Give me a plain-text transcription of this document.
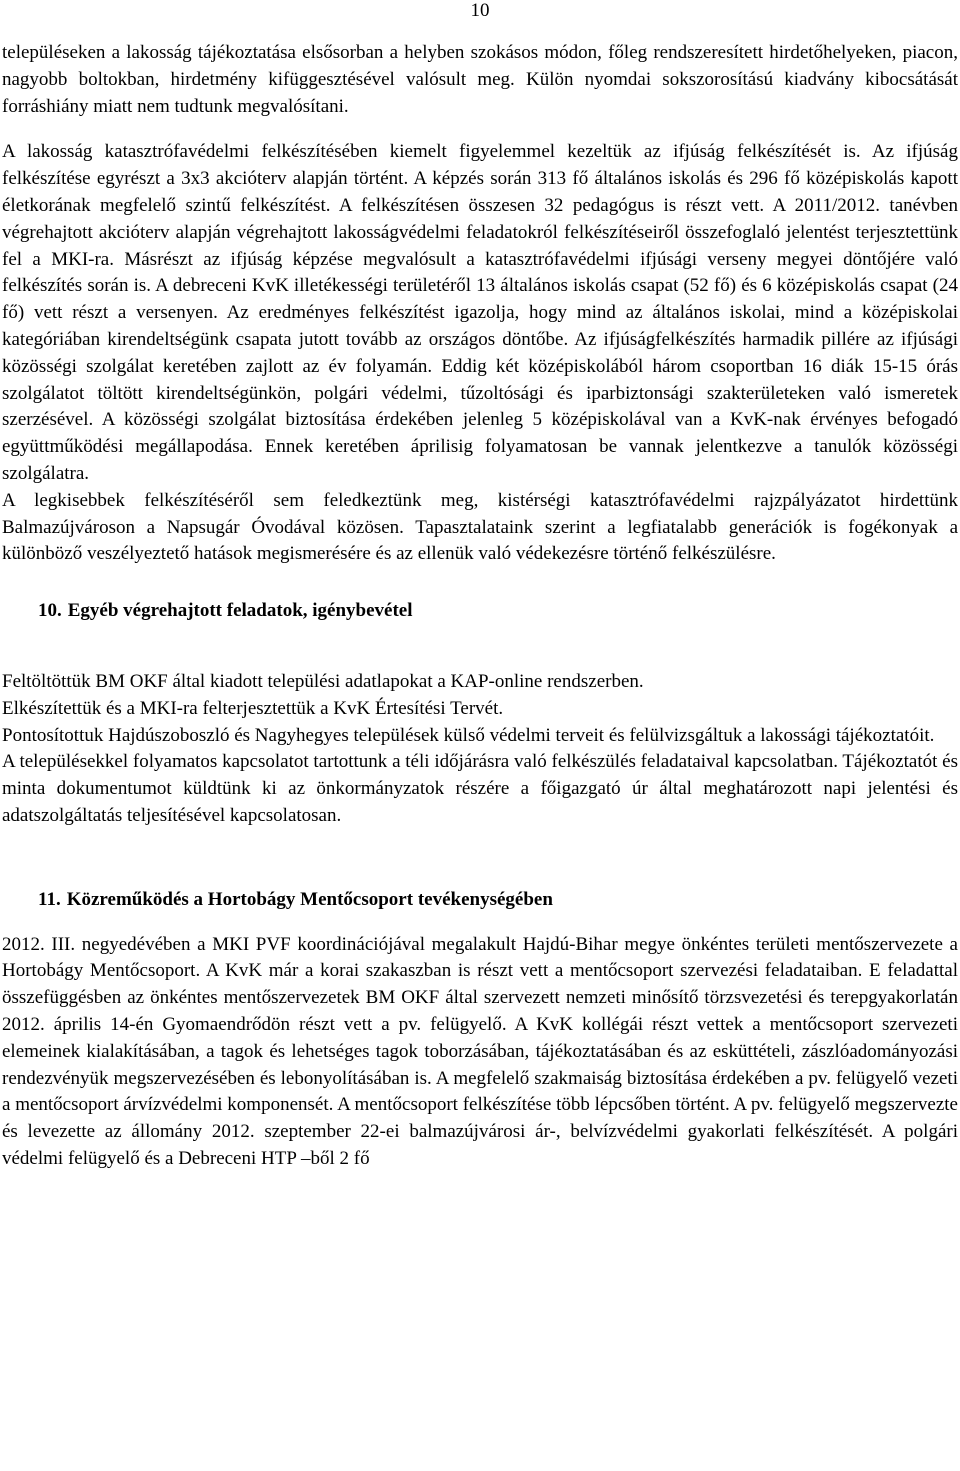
10

településeken a lakosság tájékoztatása elsősorban a helyben szokásos módon, főleg rendszeresített hirdetőhelyeken, piacon, nagyobb boltokban, hirdetmény kifüggesztésével valósult meg. Külön nyomdai sokszorosítású kiadvány kibocsátását forráshiány miatt nem tudtunk megvalósítani.

A lakosság katasztrófavédelmi felkészítésében kiemelt figyelemmel kezeltük az ifjúság felkészítését is. Az ifjúság felkészítése egyrészt a 3x3 akcióterv alapján történt. A képzés során 313 fő általános iskolás és 296 fő középiskolás kapott életkorának megfelelő szintű felkészítést. A felkészítésen összesen 32 pedagógus is részt vett. A 2011/2012. tanévben végrehajtott akcióterv alapján végrehajtott lakosságvédelmi feladatokról felkészítéseiről összefoglaló jelentést terjesztettünk fel a MKI-ra. Másrészt az ifjúság képzése megvalósult a katasztrófavédelmi ifjúsági verseny megyei döntőjére való felkészítés során is. A debreceni KvK illetékességi területéről 13 általános iskolás csapat (52 fő) és 6 középiskolás csapat (24 fő) vett részt a versenyen. Az eredményes felkészítést igazolja, hogy mind az általános iskolai, mind a középiskolai kategóriában kirendeltségünk csapata jutott tovább az országos döntőbe. Az ifjúságfelkészítés harmadik pillére az ifjúsági közösségi szolgálat keretében zajlott az év folyamán. Eddig két középiskolából három csoportban 16 diák 15-15 órás szolgálatot töltött kirendeltségünkön, polgári védelmi, tűzoltósági és iparbiztonsági szakterületeken való ismeretek szerzésével. A közösségi szolgálat biztosítása érdekében jelenleg 5 középiskolával van a KvK-nak érvényes befogadó együttműködési megállapodása. Ennek keretében áprilisig folyamatosan be vannak jelentkezve a tanulók közösségi szolgálatra.

A legkisebbek felkészítéséről sem feledkeztünk meg, kistérségi katasztrófavédelmi rajzpályázatot hirdettünk Balmazújvároson a Napsugár Óvodával közösen. Tapasztalataink szerint a legfiatalabb generációk is fogékonyak a különböző veszélyeztető hatások megismerésére és az ellenük való védekezésre történő felkészülésre.

10. Egyéb végrehajtott feladatok, igénybevétel

Feltöltöttük BM OKF által kiadott települési adatlapokat a KAP-online rendszerben.

Elkészítettük és a MKI-ra felterjesztettük a KvK Értesítési Tervét.

Pontosítottuk Hajdúszoboszló és Nagyhegyes települések külső védelmi terveit és felülvizsgáltuk a lakossági tájékoztatóit.

A településekkel folyamatos kapcsolatot tartottunk a téli időjárásra való felkészülés feladataival kapcsolatban. Tájékoztatót és minta dokumentumot küldtünk ki az önkormányzatok részére a főigazgató úr által meghatározott napi jelentési és adatszolgáltatás teljesítésével kapcsolatosan.

11. Közreműködés a Hortobágy Mentőcsoport tevékenységében

2012. III. negyedévében a MKI PVF koordinációjával megalakult Hajdú-Bihar megye önkéntes területi mentőszervezete a Hortobágy Mentőcsoport. A KvK már a korai szakaszban is részt vett a mentőcsoport szervezési feladataiban. E feladattal összefüggésben az önkéntes mentőszervezetek BM OKF által szervezett nemzeti minősítő törzsvezetési és terepgyakorlatán 2012. április 14-én Gyomaendrődön részt vett a pv. felügyelő. A KvK kollégái részt vettek a mentőcsoport szervezeti elemeinek kialakításában, a tagok és lehetséges tagok toborzásában, tájékoztatásában és az esküttételi, zászlóadományozási rendezvényük megszervezésében és lebonyolításában is. A megfelelő szakmaiság biztosítása érdekében a pv. felügyelő vezeti a mentőcsoport árvízvédelmi komponensét. A mentőcsoport felkészítése több lépcsőben történt. A pv. felügyelő megszervezte és levezette az állomány 2012. szeptember 22-ei balmazújvárosi ár-, belvízvédelmi gyakorlati felkészítését. A polgári védelmi felügyelő és a Debreceni HTP –ből 2 fő
